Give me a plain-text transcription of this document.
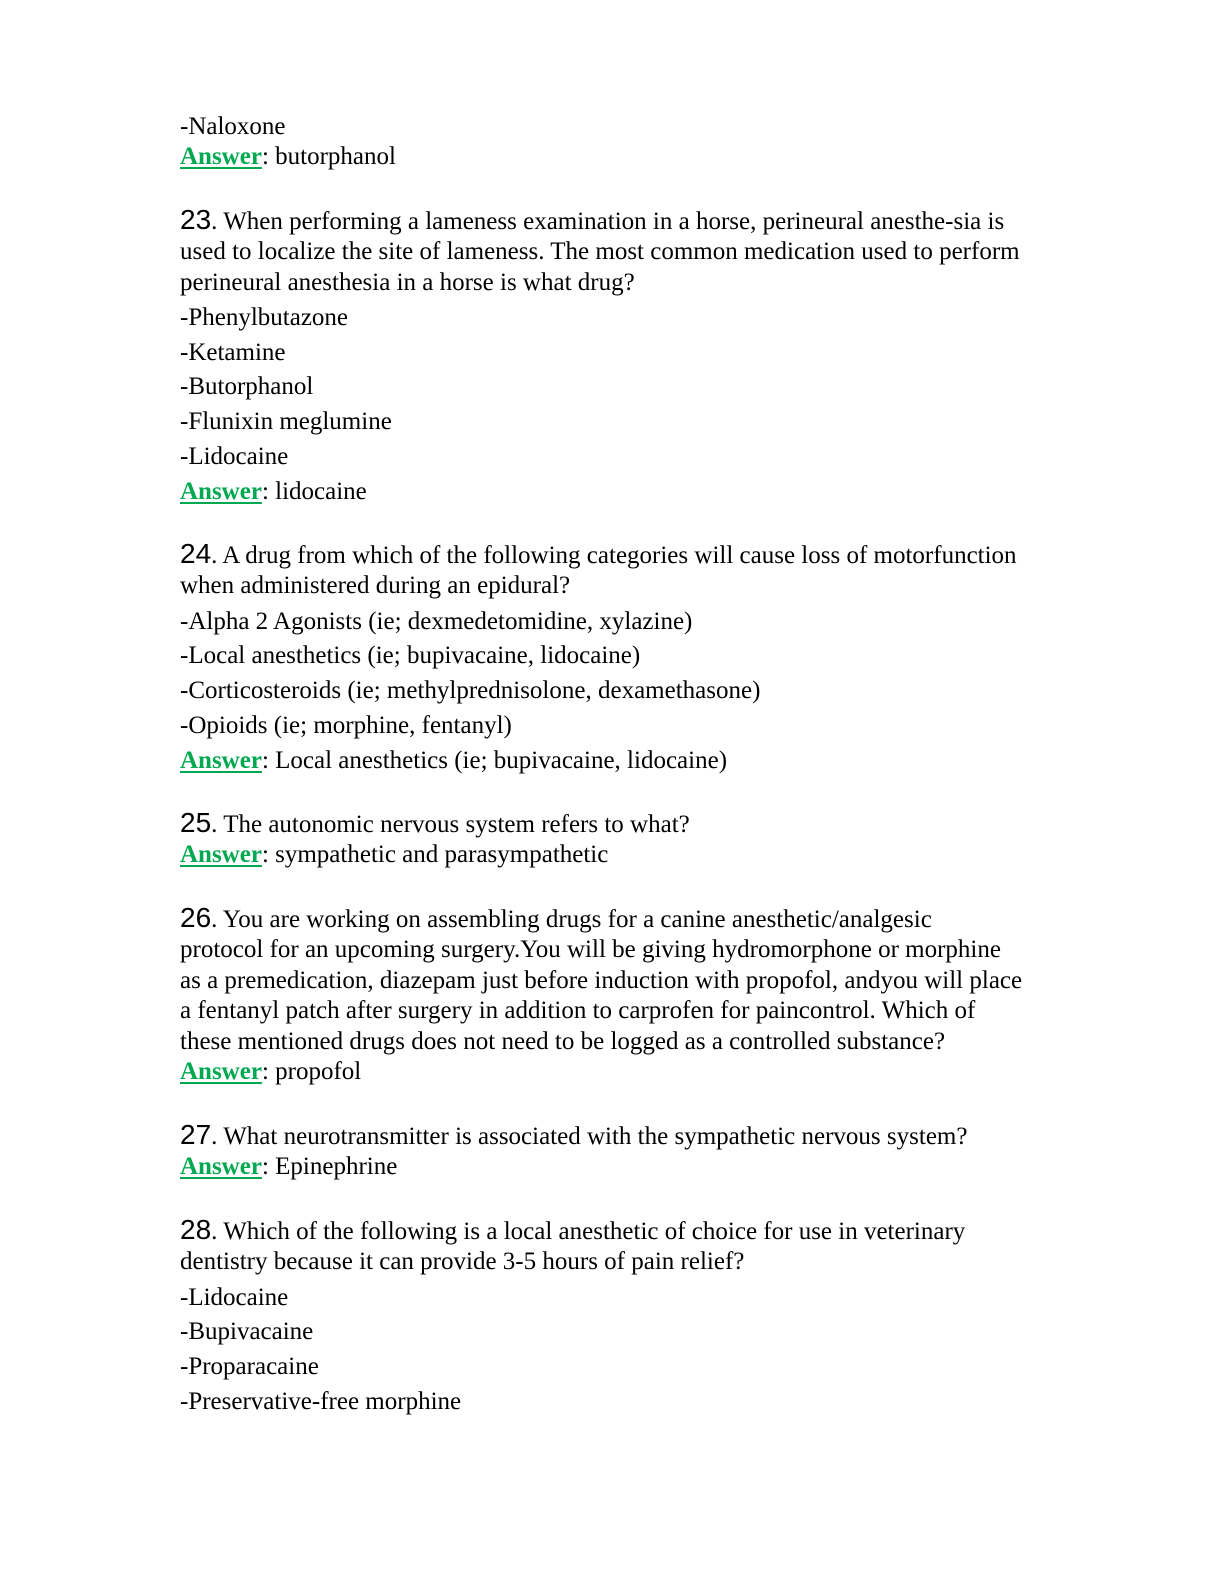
-Naloxone
Answer: butorphanol
23. When performing a lameness examination in a horse, perineural anesthe-sia is
used to localize the site of lameness. The most common medication used to perform
perineural anesthesia in a horse is what drug?
-Phenylbutazone
-Ketamine
-Butorphanol
-Flunixin meglumine
-Lidocaine
Answer: lidocaine
24. A drug from which of the following categories will cause loss of motorfunction
when administered during an epidural?
-Alpha 2 Agonists (ie; dexmedetomidine, xylazine)
-Local anesthetics (ie; bupivacaine, lidocaine)
-Corticosteroids (ie; methylprednisolone, dexamethasone)
-Opioids (ie; morphine, fentanyl)
Answer: Local anesthetics (ie; bupivacaine, lidocaine)
25. The autonomic nervous system refers to what?
Answer: sympathetic and parasympathetic
26. You are working on assembling drugs for a canine anesthetic/analgesic
protocol for an upcoming surgery.You will be giving hydromorphone or morphine
as a premedication, diazepam just before induction with propofol, andyou will place
a fentanyl patch after surgery in addition to carprofen for paincontrol. Which of
these mentioned drugs does not need to be logged as a controlled substance?
Answer: propofol
27. What neurotransmitter is associated with the sympathetic nervous system?
Answer: Epinephrine
28. Which of the following is a local anesthetic of choice for use in veterinary
dentistry because it can provide 3-5 hours of pain relief?
-Lidocaine
-Bupivacaine
-Proparacaine
-Preservative-free morphine
